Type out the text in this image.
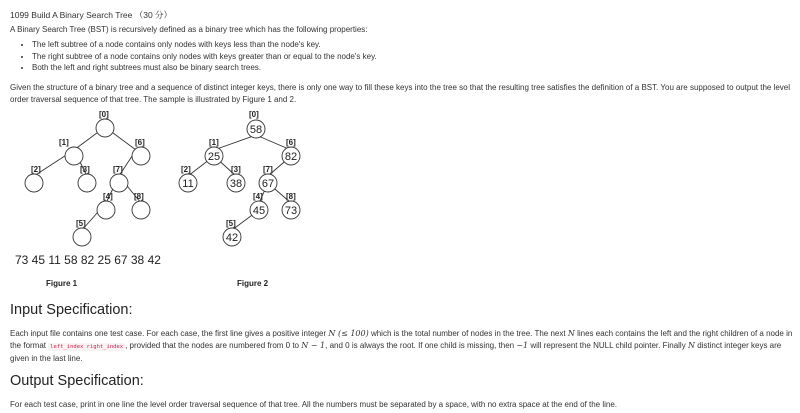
1099 Build A Binary Search Tree （30 分）
A Binary Search Tree (BST) is recursively defined as a binary tree which has the following properties:
• The left subtree of a node contains only nodes with keys less than the node's key.
• The right subtree of a node contains only nodes with keys greater than or equal to the node's key.
• Both the left and right subtrees must also be binary search trees.
Given the structure of a binary tree and a sequence of distinct integer keys, there is only one way to fill these keys into the tree so that the resulting tree satisfies the definition of a BST. You are supposed to output the level order traversal sequence of that tree. The sample is illustrated by Figure 1 and 2.
[0]
[1]	[6]
[2]	[3]	[7]
[4]	[8]
[5]
[0]
[1]	[6]
[2]	[3]	[7]
[4]	[8]
[5]
58
25	82
11	38 67
45 73
42
73 45 11 58 82 25 67 38 42
Figure 1	Figure 2
Input Specification:
Each input file contains one test case. For each case, the first line gives a positive integer N (≤ 100) which is the total number of nodes in the tree. The next N lines each contains the left and the right children of a node in the format left_index right_index , provided that the nodes are numbered from 0 to N − 1, and 0 is always the root. If one child is missing, then −1 will represent the NULL child pointer. Finally N distinct integer keys are given in the last line.
Output Specification:
For each test case, print in one line the level order traversal sequence of that tree. All the numbers must be separated by a space, with no extra space at the end of the line.
